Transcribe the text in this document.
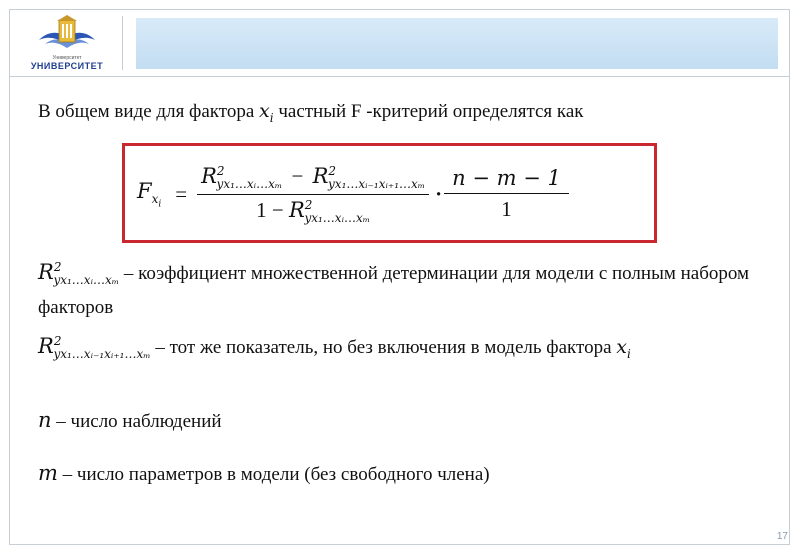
Университет
УНИВЕРСИТЕТ
В общем виде для фактора $x_i$ частный F -критерий определятся как
$F_{x_i} = \frac{R^2_{yx_1\dots xᵢ\dots x_m} - R^2_{yx_1\dots xᵢ_{-1}xᵢ_{+1}\dots x_m}}{1 - R^2_{yx_1\dots xᵢ\dots x_m}} \cdot \frac{n - m - 1}{1}$
$R^2_{yx_1\dots xᵢ\dots x_m}$ – коэффициент множественной детерминации для модели с полным набором факторов
$R^2_{yx_1\dots xᵢ_{-1}xᵢ_{+1}\dots x_m}$ – тот же показатель, но без включения в модель фактора $x_i$
n – число наблюдений
m – число параметров в модели (без свободного члена)
17
